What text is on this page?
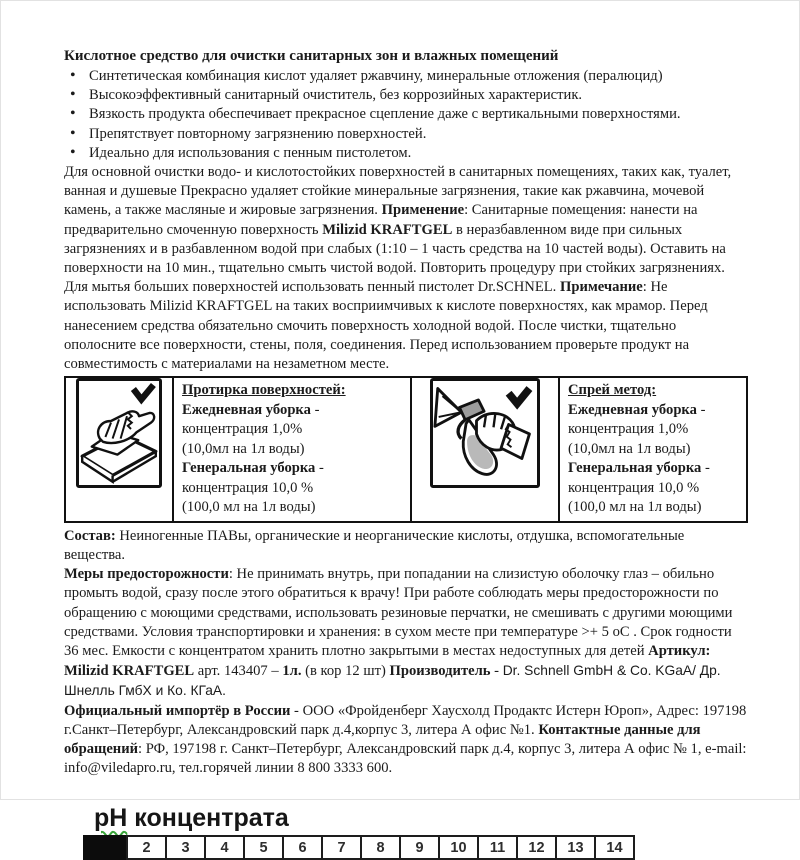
Кислотное средство для очистки санитарных зон и влажных помещений
• Синтетическая комбинация кислот удаляет ржавчину, минеральные отложения (пералюцид)
• Высокоэффективный санитарный очиститель, без коррозийных характеристик.
• Вязкость продукта обеспечивает прекрасное сцепление даже с вертикальными поверхностями.
• Препятствует повторному загрязнению поверхностей.
• Идеально для использования с пенным пистолетом.
Для основной очистки водо- и кислотостойких поверхностей в санитарных помещениях, таких как, туалет, ванная и душевые Прекрасно удаляет стойкие минеральные загрязнения, такие как ржавчина, мочевой камень, а также масляные и жировые загрязнения. Применение: Санитарные помещения: нанести на предварительно смоченную поверхность Milizid KRAFTGEL в неразбавленном виде при сильных загрязнениях и в разбавленном водой при слабых (1:10 – 1 часть средства на 10 частей воды). Оставить на поверхности на 10 мин., тщательно смыть чистой водой. Повторить процедуру при стойких загрязнениях. Для мытья больших поверхностей использовать пенный пистолет Dr.SCHNEL. Примечание: Не использовать Milizid KRAFTGEL на таких восприимчивых к кислоте поверхностях, как мрамор. Перед нанесением средства обязательно смочить поверхность холодной водой. После чистки, тщательно ополосните все поверхности, стены, поля, соединения. Перед использованием проверьте продукт на совместимость с материалами на незаметном месте.

Протирка поверхностей:
Ежедневная уборка -
концентрация 1,0%
(10,0мл на 1л воды)
Генеральная уборка -
концентрация 10,0 %
(100,0 мл на 1л воды)

Спрей метод:
Ежедневная уборка -
концентрация 1,0%
(10,0мл на 1л воды)
Генеральная уборка -
концентрация 10,0 %
(100,0 мл на 1л воды)
Состав: Неиногенные ПАВы, органические и неорганические кислоты, отдушка, вспомогательные вещества.
Меры предосторожности: Не принимать внутрь, при попадании на слизистую оболочку глаз – обильно промыть водой, сразу после этого обратиться к врачу! При работе соблюдать меры предосторожности по обращению с моющими средствами, использовать резиновые перчатки, не смешивать с другими моющими средствами. Условия транспортировки и хранения: в сухом месте при температуре >+ 5 оС . Срок годности 36 мес. Емкости с концентратом хранить плотно закрытыми в местах недоступных для детей Артикул: Milizid KRAFTGEL арт. 143407 – 1л. (в кор 12 шт) Производитель - Dr. Schnell GmbH & Co. KGaA/ Др. Шнелль ГмбХ и Ко. КГаА.
Официальный импортёр в России - ООО «Фройденберг Хаусхолд Продактс Истерн Юроп», Адрес: 197198 г.Санкт–Петербург, Александровский парк д.4,корпус 3, литера А офис №1. Контактные данные для обращений: РФ, 197198 г. Санкт–Петербург, Александровский парк д.4, корпус 3, литера А офис № 1, e-mail: info@viledapro.ru, тел.горячей линии 8 800 3333 600.
pH концентрата
2	3	4	5	6	7	8	9	10	11	12	13	14
